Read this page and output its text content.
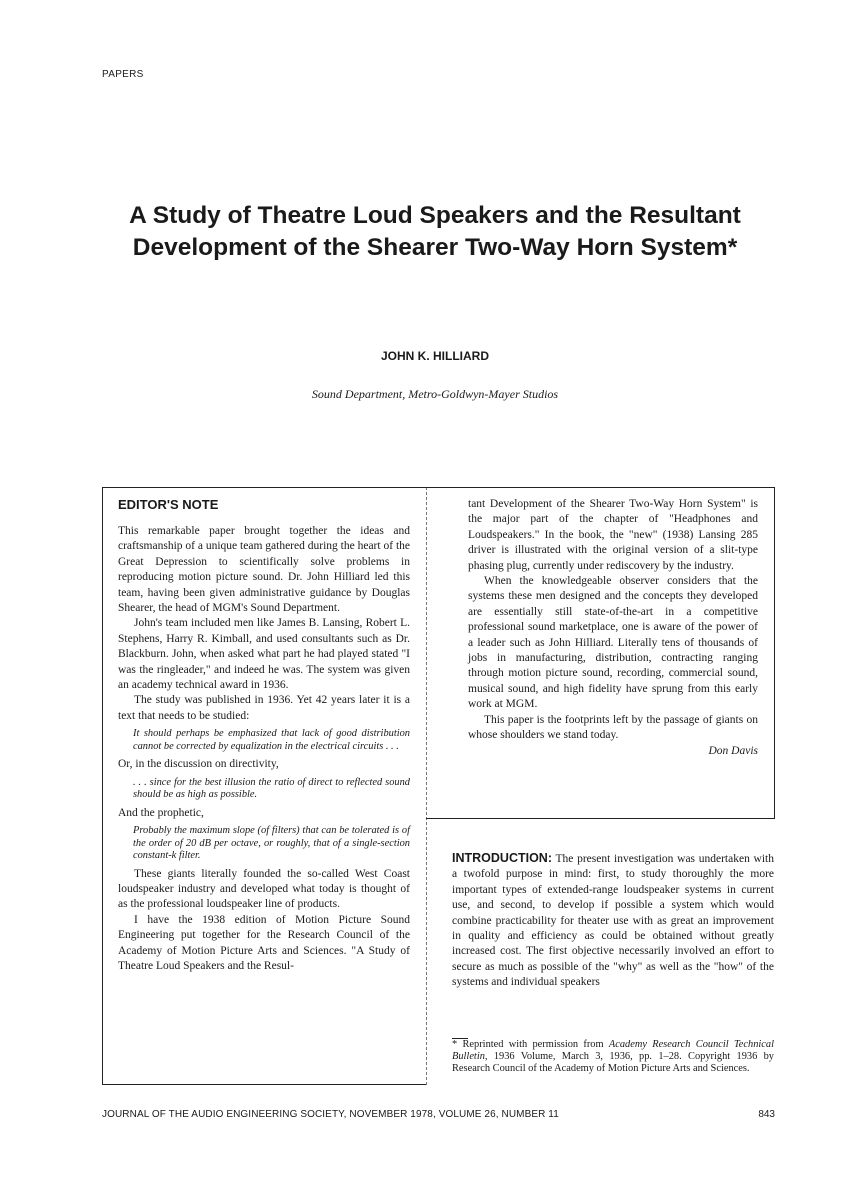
PAPERS
A Study of Theatre Loud Speakers and the Resultant Development of the Shearer Two-Way Horn System*
JOHN K. HILLIARD
Sound Department, Metro-Goldwyn-Mayer Studios
EDITOR'S NOTE

This remarkable paper brought together the ideas and craftsmanship of a unique team gathered during the heart of the Great Depression to scientifically solve problems in reproducing motion picture sound. Dr. John Hilliard led this team, having been given administrative guidance by Douglas Shearer, the head of MGM's Sound Department.

John's team included men like James B. Lansing, Robert L. Stephens, Harry R. Kimball, and used consultants such as Dr. Blackburn. John, when asked what part he had played stated "I was the ringleader," and indeed he was. The system was given an academy technical award in 1936.

The study was published in 1936. Yet 42 years later it is a text that needs to be studied:

It should perhaps be emphasized that lack of good distribution cannot be corrected by equalization in the electrical circuits . . .

Or, in the discussion on directivity,

. . . since for the best illusion the ratio of direct to reflected sound should be as high as possible.

And the prophetic,

Probably the maximum slope (of filters) that can be tolerated is of the order of 20 dB per octave, or roughly, that of a single-section constant-k filter.

These giants literally founded the so-called West Coast loudspeaker industry and developed what today is thought of as the professional loudspeaker line of products.

I have the 1938 edition of Motion Picture Sound Engineering put together for the Research Council of the Academy of Motion Picture Arts and Sciences. "A Study of Theatre Loud Speakers and the Resul-

tant Development of the Shearer Two-Way Horn System" is the major part of the chapter of "Headphones and Loudspeakers." In the book, the "new" (1938) Lansing 285 driver is illustrated with the original version of a slit-type phasing plug, currently under rediscovery by the industry.

When the knowledgeable observer considers that the systems these men designed and the concepts they developed are essentially still state-of-the-art in a competitive professional sound marketplace, one is aware of the power of a leader such as John Hilliard. Literally tens of thousands of jobs in manufacturing, distribution, contracting ranging through motion picture sound, recording, commercial sound, musical sound, and high fidelity have sprung from this early work at MGM.

This paper is the footprints left by the passage of giants on whose shoulders we stand today.

Don Davis

INTRODUCTION: The present investigation was undertaken with a twofold purpose in mind: first, to study thoroughly the more important types of extended-range loudspeaker systems in current use, and second, to develop if possible a system which would combine practicability for theater use with as great an improvement in quality and efficiency as could be obtained without greatly increased cost. The first objective necessarily involved an effort to secure as much as possible of the "why" as well as the "how" of the systems and individual speakers

* Reprinted with permission from Academy Research Council Technical Bulletin, 1936 Volume, March 3, 1936, pp. 1–28. Copyright 1936 by Research Council of the Academy of Motion Picture Arts and Sciences.
JOURNAL OF THE AUDIO ENGINEERING SOCIETY, NOVEMBER 1978, VOLUME 26, NUMBER 11	843
